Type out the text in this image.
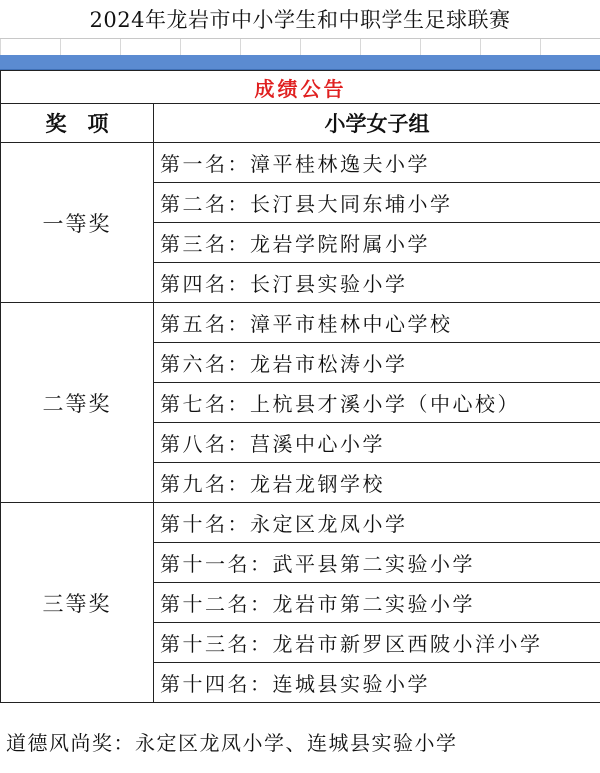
2024年龙岩市中小学生和中职学生足球联赛
成绩公告	
奖　项	小学女子组
一等奖	第一名：漳平桂林逸夫小学
	第二名：长汀县大同东埔小学
	第三名：龙岩学院附属小学
	第四名：长汀县实验小学
二等奖	第五名：漳平市桂林中心学校
	第六名：龙岩市松涛小学
	第七名：上杭县才溪小学（中心校）
	第八名：莒溪中心小学
	第九名：龙岩龙钢学校
三等奖	第十名：永定区龙凤小学
	第十一名：武平县第二实验小学
	第十二名：龙岩市第二实验小学
	第十三名：龙岩市新罗区西陂小洋小学
	第十四名：连城县实验小学
道德风尚奖：永定区龙凤小学、连城县实验小学
